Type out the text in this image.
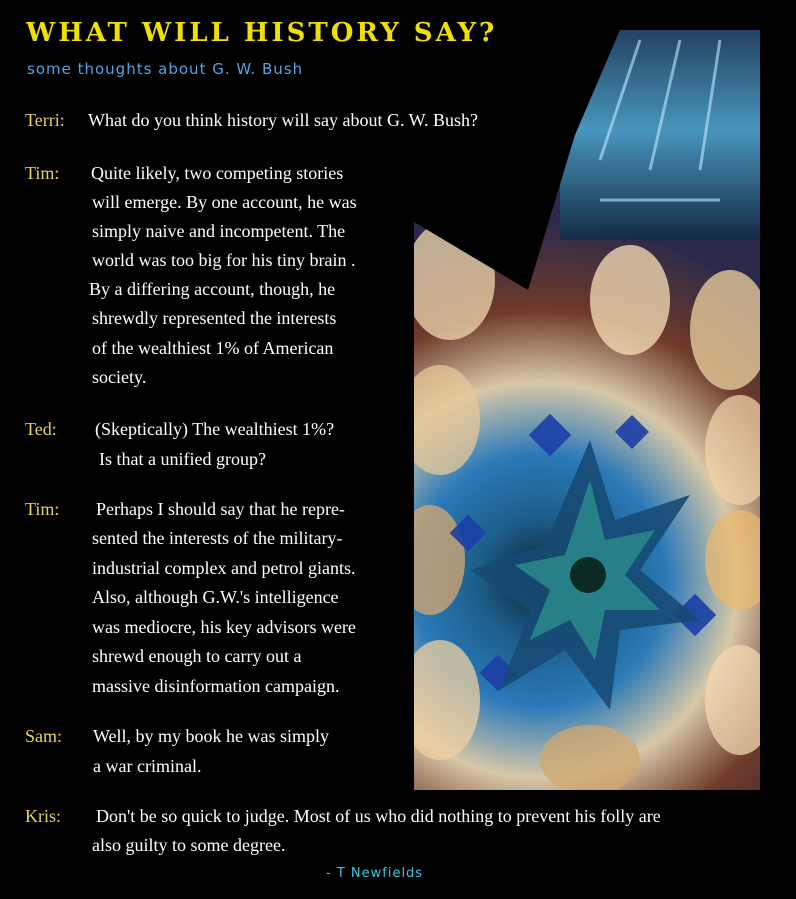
WHAT WILL HISTORY SAY?

some thoughts about G. W. Bush

Terri: What do you think history will say about G. W. Bush?

Tim: Quite likely, two competing stories

will emerge. By one account, he was

simply naive and incompetent. The

world was too big for his tiny brain .

By a differing account, though, he

shrewdly represented the interests

of the wealthiest 1% of American

society.

Ted: (Skeptically) The wealthiest 1%?

Is that a unified group?

Tim: Perhaps I should say that he repre-

sented the interests of the military-

industrial complex and petrol giants.

Also, although G.W.'s intelligence

was mediocre, his key advisors were

shrewd enough to carry out a

massive disinformation campaign.

Sam: Well, by my book he was simply

a war criminal.

Kris: Don't be so quick to judge. Most of us who did nothing to prevent his folly are

also guilty to some degree.

- T Newfields
